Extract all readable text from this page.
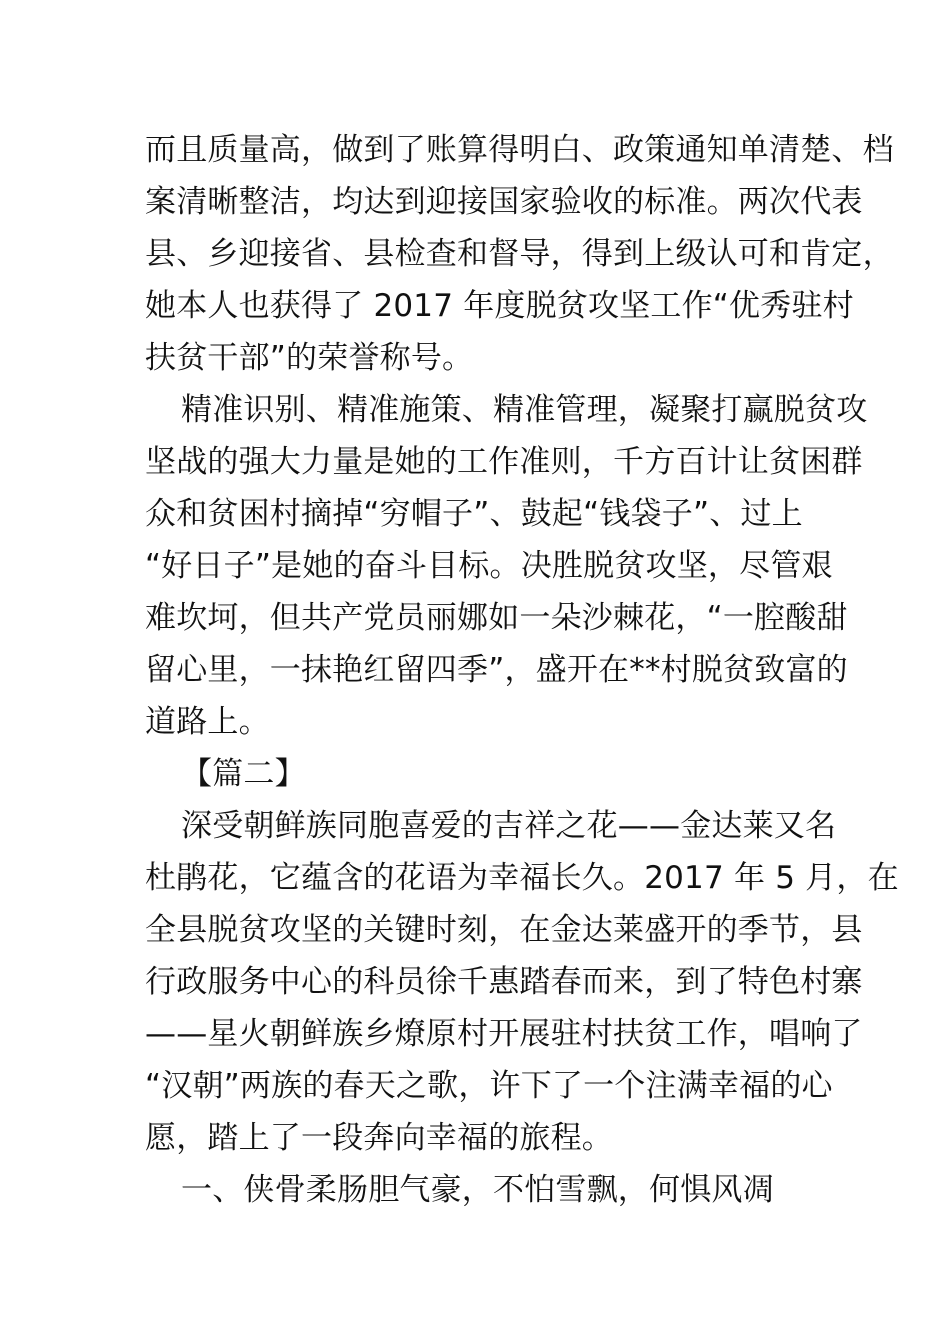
而且质量高，做到了账算得明白、政策通知单清楚、档
案清晰整洁，均达到迎接国家验收的标准。两次代表
县、乡迎接省、县检查和督导，得到上级认可和肯定，
她本人也获得了 2017 年度脱贫攻坚工作“优秀驻村
扶贫干部”的荣誉称号。
精准识别、精准施策、精准管理，凝聚打赢脱贫攻
坚战的强大力量是她的工作准则，千方百计让贫困群
众和贫困村摘掉“穷帽子”、鼓起“钱袋子”、过上
“好日子”是她的奋斗目标。决胜脱贫攻坚，尽管艰
难坎坷，但共产党员丽娜如一朵沙棘花，“一腔酸甜
留心里，一抹艳红留四季”，盛开在**村脱贫致富的
道路上。
【篇二】
深受朝鲜族同胞喜爱的吉祥之花——金达莱又名
杜鹃花，它蕴含的花语为幸福长久。2017 年 5 月，在
全县脱贫攻坚的关键时刻，在金达莱盛开的季节，县
行政服务中心的科员徐千惠踏春而来，到了特色村寨
——星火朝鲜族乡燎原村开展驻村扶贫工作，唱响了
“汉朝”两族的春天之歌，许下了一个注满幸福的心
愿，踏上了一段奔向幸福的旅程。
一、侠骨柔肠胆气豪，不怕雪飘，何惧风凋
